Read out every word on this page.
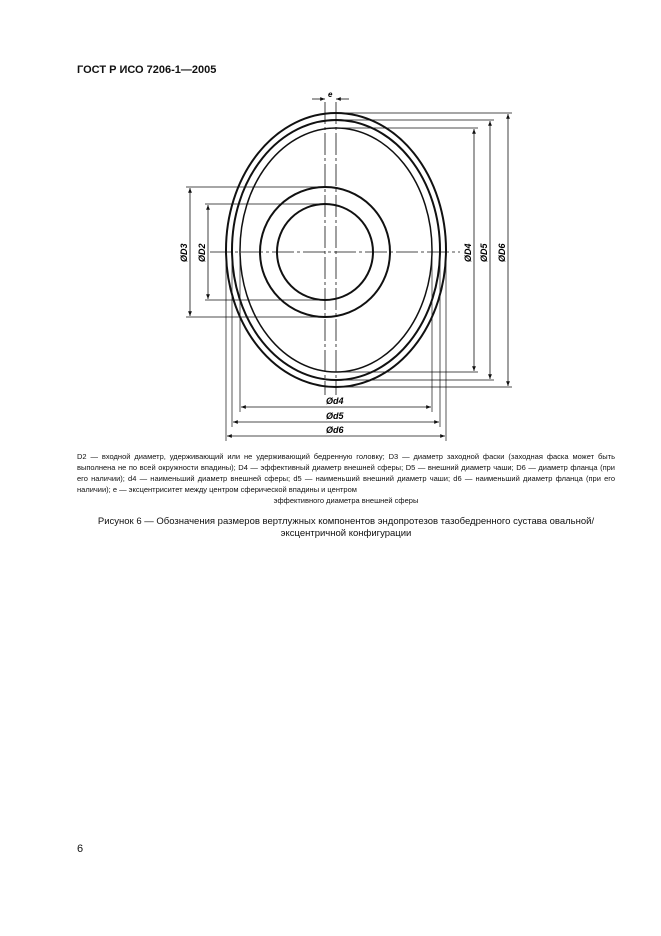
ГОСТ Р ИСО 7206-1—2005
e
ØD3 ØD2	ØD4 ØD5 ØD6
Ød4
Ød5
Ød6
D2 — входной диаметр, удерживающий или не удерживающий бедренную головку; D3 — диаметр заходной фаски (заходная фаска может быть выполнена не по всей окружности впадины); D4 — эффективный диаметр внешней сферы; D5 — внешний диаметр чаши; D6 — диаметр фланца (при его наличии); d4 — наименьший диаметр внешней сферы; d5 — наименьший внешний диаметр чаши; d6 — наименьший диаметр фланца (при его наличии); e — эксцентриситет между центром сферической впадины и центром
эффективного диаметра внешней сферы
Рисунок 6 — Обозначения размеров вертлужных компонентов эндопротезов тазобедренного сустава овальной/эксцентричной конфигурации
6
